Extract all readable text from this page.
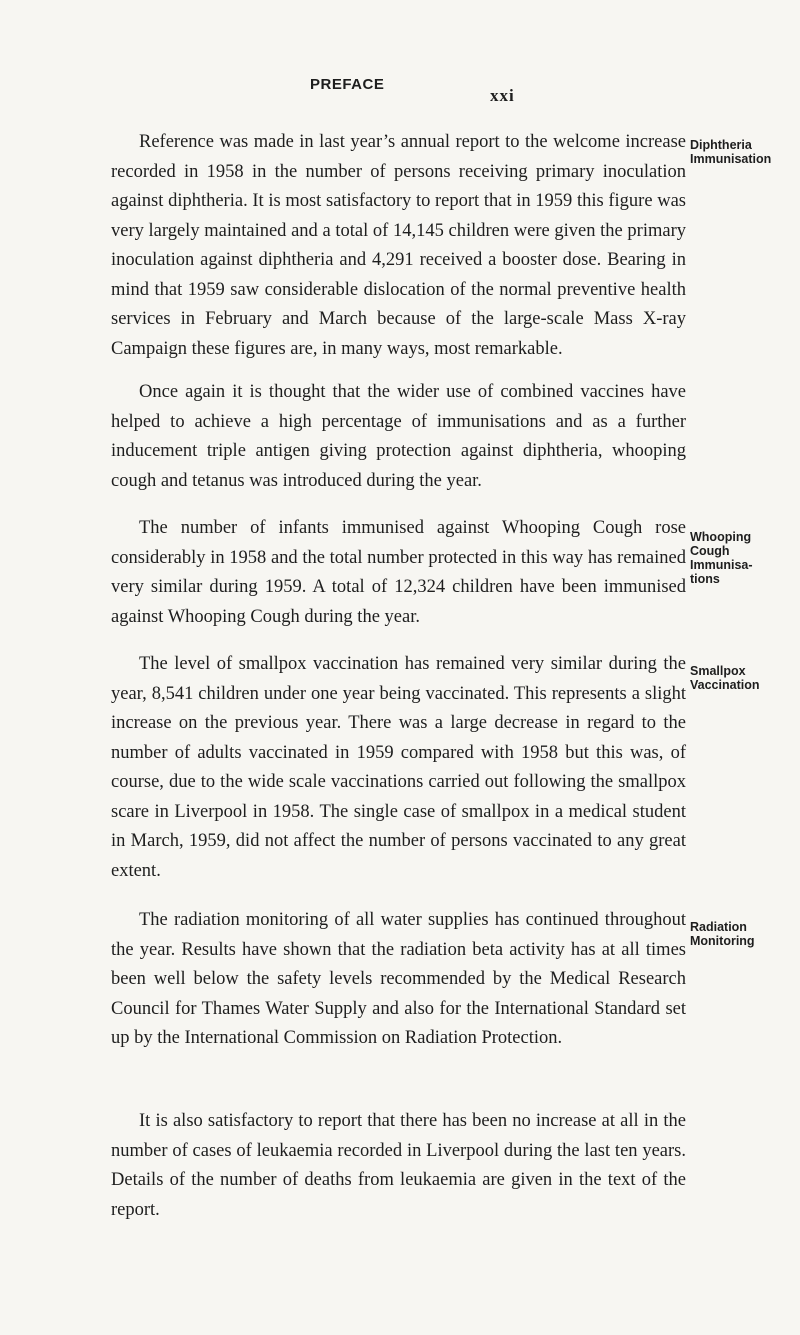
PREFACE
xxi

Reference was made in last year’s annual report to the welcome increase recorded in 1958 in the number of persons receiving primary inoculation against diphtheria. It is most satisfactory to report that in 1959 this figure was very largely maintained and a total of 14,145 children were given the primary inoculation against diphtheria and 4,291 received a booster dose. Bearing in mind that 1959 saw considerable dislocation of the normal preventive health services in February and March because of the large-scale Mass X-ray Campaign these figures are, in many ways, most remarkable.

Diphtheria
Immunisation

Once again it is thought that the wider use of combined vaccines have helped to achieve a high percentage of immunisations and as a further inducement triple antigen giving protection against diphtheria, whooping cough and tetanus was introduced during the year.

The number of infants immunised against Whooping Cough rose considerably in 1958 and the total number protected in this way has remained very similar during 1959. A total of 12,324 children have been immunised against Whooping Cough during the year.

Whooping
Cough
Immunisa-
tions

The level of smallpox vaccination has remained very similar during the year, 8,541 children under one year being vaccinated. This represents a slight increase on the previous year. There was a large decrease in regard to the number of adults vaccinated in 1959 compared with 1958 but this was, of course, due to the wide scale vaccinations carried out following the smallpox scare in Liverpool in 1958. The single case of smallpox in a medical student in March, 1959, did not affect the number of persons vaccinated to any great extent.

Smallpox
Vaccination

The radiation monitoring of all water supplies has continued throughout the year. Results have shown that the radiation beta activity has at all times been well below the safety levels recommended by the Medical Research Council for Thames Water Supply and also for the International Standard set up by the International Commission on Radiation Protection.

Radiation
Monitoring

It is also satisfactory to report that there has been no increase at all in the number of cases of leukaemia recorded in Liverpool during the last ten years. Details of the number of deaths from leukaemia are given in the text of the report.
